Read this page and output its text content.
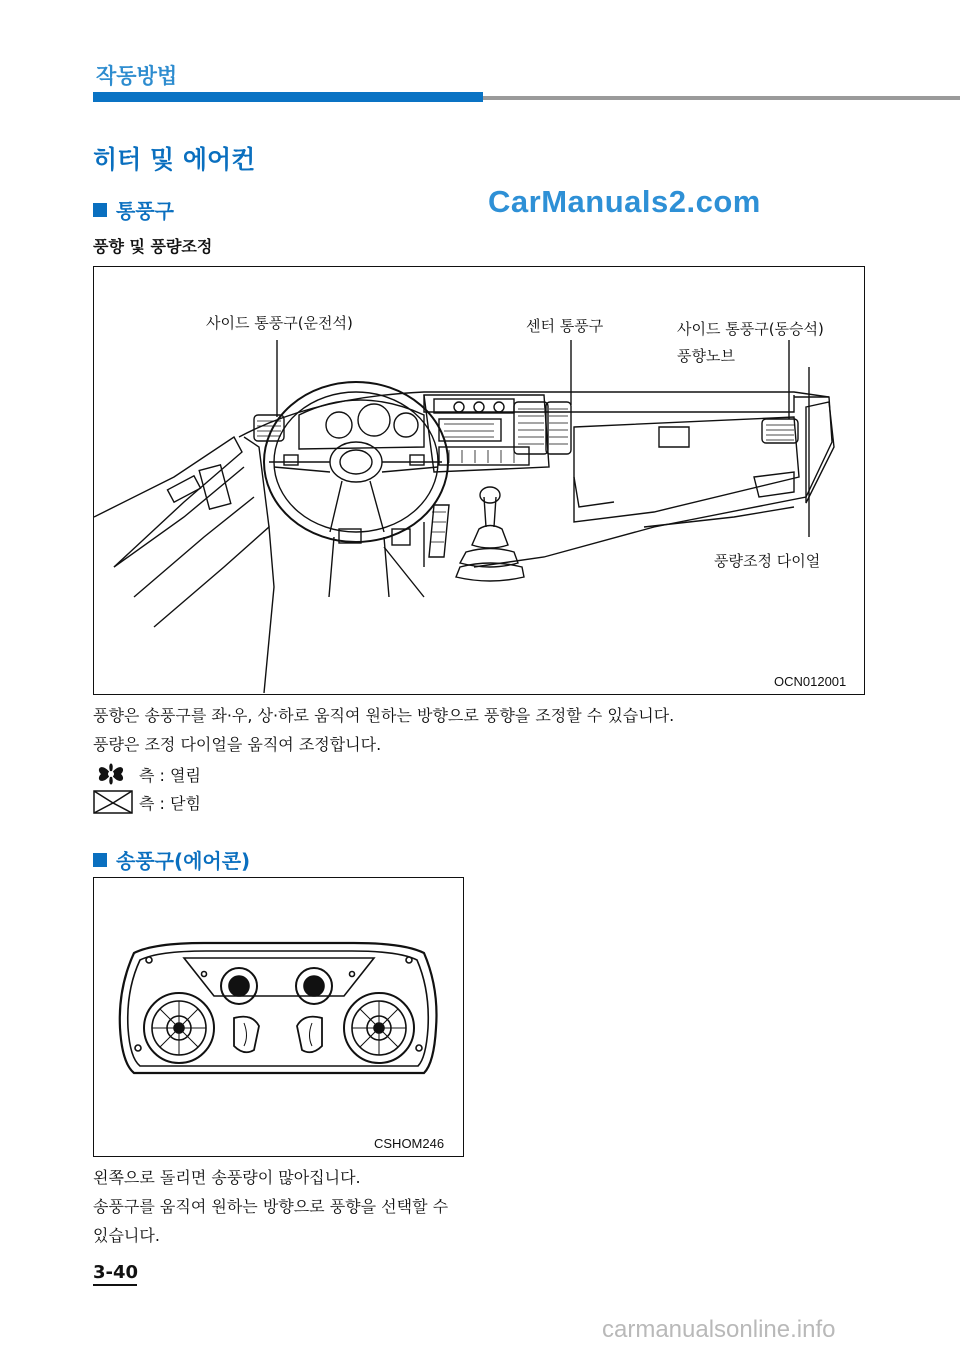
작동방법
히터 및 에어컨
통풍구	CarManuals2.com
풍향 및 풍량조정
사이드 통풍구(운전석)	센터 통풍구	사이드 통풍구(동승석)
풍향노브
풍량조정 다이얼
OCN012001
풍향은 송풍구를 좌·우, 상·하로 움직여 원하는 방향으로 풍향을 조정할 수 있습니다.
풍량은 조정 다이얼을 움직여 조정합니다.
측 : 열림
측 : 닫힘
송풍구(에어콘)
CSHOM246
왼쪽으로 돌리면 송풍량이 많아집니다.
송풍구를 움직여 원하는 방향으로 풍향을 선택할 수
있습니다.
3-40
carmanualsonline.info
